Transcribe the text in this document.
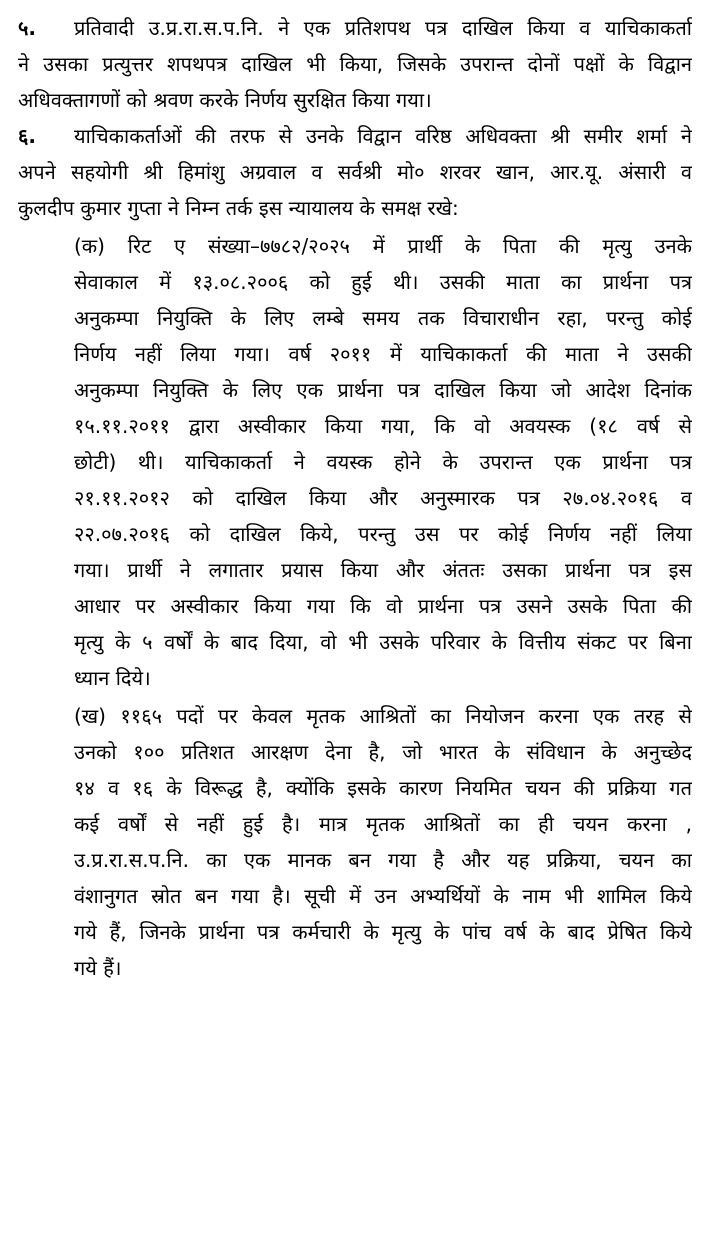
५. प्रतिवादी उ.प्र.रा.स.प.नि. ने एक प्रतिशपथ पत्र दाखिल किया व याचिकाकर्ता
ने उसका प्रत्युत्तर शपथपत्र दाखिल भी किया, जिसके उपरान्त दोनों पक्षों के विद्वान
अधिवक्तागणों को श्रवण करके निर्णय सुरक्षित किया गया।
६. याचिकाकर्ताओं की तरफ से उनके विद्वान वरिष्ठ अधिवक्ता श्री समीर शर्मा ने
अपने सहयोगी श्री हिमांशु अग्रवाल व सर्वश्री मो० शरवर खान, आर.यू. अंसारी व
कुलदीप कुमार गुप्ता ने निम्न तर्क इस न्यायालय के समक्ष रखे:
(क) रिट ए संख्या–७७८२/२०२५ में प्रार्थी के पिता की मृत्यु उनके
सेवाकाल में १३.०८.२००६ को हुई थी। उसकी माता का प्रार्थना पत्र
अनुकम्पा नियुक्ति के लिए लम्बे समय तक विचाराधीन रहा, परन्तु कोई
निर्णय नहीं लिया गया। वर्ष २०११ में याचिकाकर्ता की माता ने उसकी
अनुकम्पा नियुक्ति के लिए एक प्रार्थना पत्र दाखिल किया जो आदेश दिनांक
१५.११.२०११ द्वारा अस्वीकार किया गया, कि वो अवयस्क (१८ वर्ष से
छोटी) थी। याचिकाकर्ता ने वयस्क होने के उपरान्त एक प्रार्थना पत्र
२१.११.२०१२ को दाखिल किया और अनुस्मारक पत्र २७.०४.२०१६ व
२२.०७.२०१६ को दाखिल किये, परन्तु उस पर कोई निर्णय नहीं लिया
गया। प्रार्थी ने लगातार प्रयास किया और अंततः उसका प्रार्थना पत्र इस
आधार पर अस्वीकार किया गया कि वो प्रार्थना पत्र उसने उसके पिता की
मृत्यु के ५ वर्षों के बाद दिया, वो भी उसके परिवार के वित्तीय संकट पर बिना
ध्यान दिये।
(ख) ११६५ पदों पर केवल मृतक आश्रितों का नियोजन करना एक तरह से
उनको १०० प्रतिशत आरक्षण देना है, जो भारत के संविधान के अनुच्छेद
१४ व १६ के विरूद्ध है, क्योंकि इसके कारण नियमित चयन की प्रक्रिया गत
कई वर्षों से नहीं हुई है। मात्र मृतक आश्रितों का ही चयन करना ,
उ.प्र.रा.स.प.नि. का एक मानक बन गया है और यह प्रक्रिया, चयन का
वंशानुगत स्रोत बन गया है। सूची में उन अभ्यर्थियों के नाम भी शामिल किये
गये हैं, जिनके प्रार्थना पत्र कर्मचारी के मृत्यु के पांच वर्ष के बाद प्रेषित किये
गये हैं।
